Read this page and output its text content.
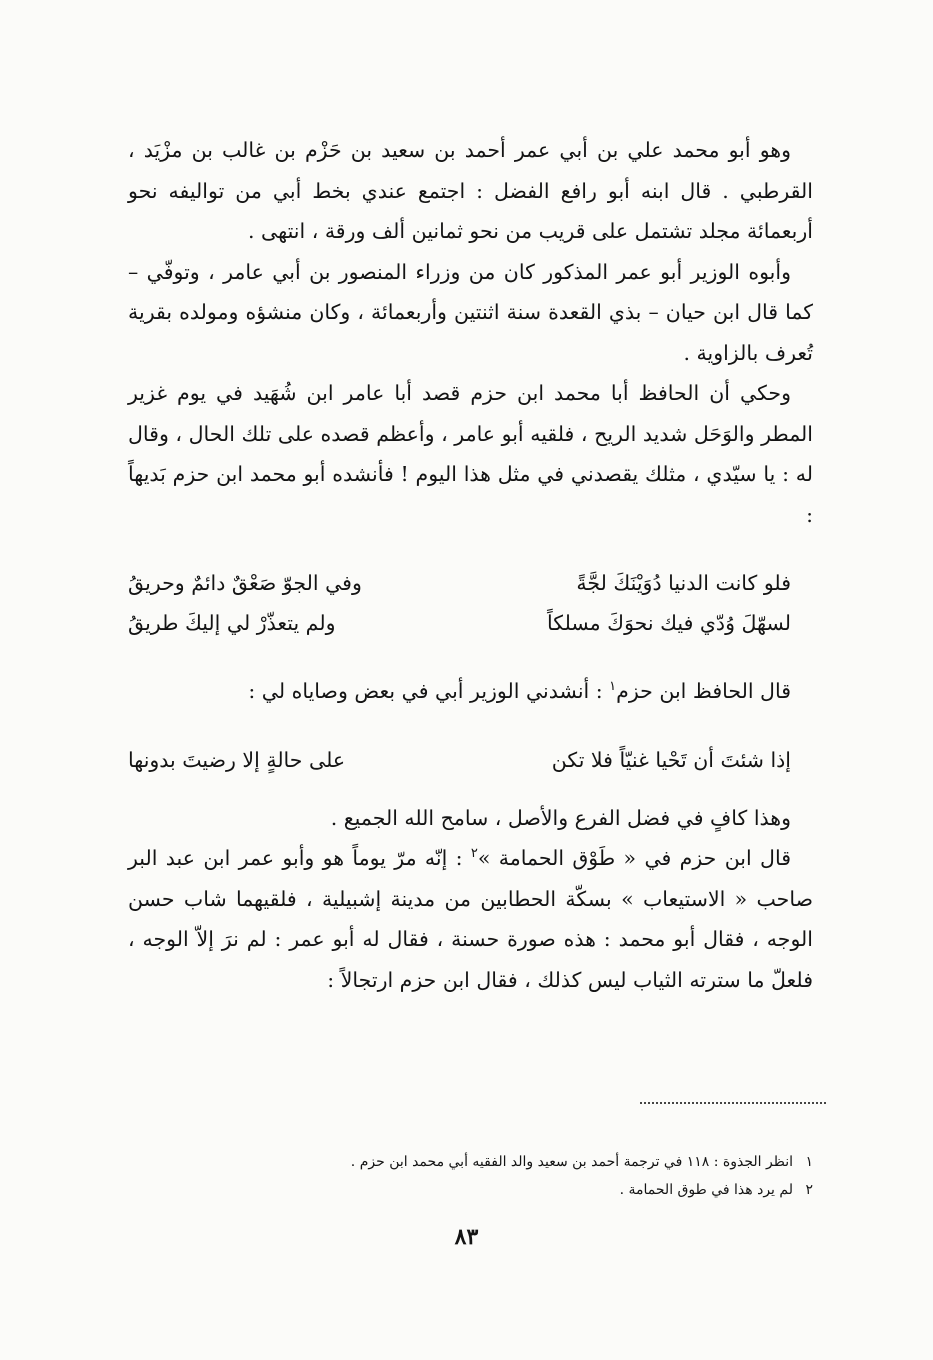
وهو أبو محمد علي بن أبي عمر أحمد بن سعيد بن حَزْم بن غالب بن مزْيَد ، القرطبي . قال ابنه أبو رافع الفضل : اجتمع عندي بخط أبي من تواليفه نحو أربعمائة مجلد تشتمل على قريب من نحو ثمانين ألف ورقة ، انتهى .

وأبوه الوزير أبو عمر المذكور كان من وزراء المنصور بن أبي عامر ، وتوفّي – كما قال ابن حيان – بذي القعدة سنة اثنتين وأربعمائة ، وكان منشؤه ومولده بقرية تُعرف بالزاوية .

وحكي أن الحافظ أبا محمد ابن حزم قصد أبا عامر ابن شُهَيد في يوم غزير المطر والوَحَل شديد الريح ، فلقيه أبو عامر ، وأعظم قصده على تلك الحال ، وقال له : يا سيّدي ، مثلك يقصدني في مثل هذا اليوم ! فأنشده أبو محمد ابن حزم بَديهاً :

فلو كانت الدنيا دُوَيْنَكَ لجَّةً
وفي الجوّ صَعْقٌ دائمٌ وحريقُ
لسهّلَ وُدّي فيك نحوَكَ مسلكاً
ولم يتعذّرْ لي إليكَ طريقُ

قال الحافظ ابن حزم$^١$ : أنشدني الوزير أبي في بعض وصاياه لي :

إذا شئتَ أن تَحْيا غنيّاً فلا تكن
على حالةٍ إلا رضيتَ بدونها

وهذا كافٍ في فضل الفرع والأصل ، سامح الله الجميع .

قال ابن حزم في « طَوْق الحمامة »$^٢$ : إنّه مرّ يوماً هو وأبو عمر ابن عبد البر صاحب « الاستيعاب » بسكّة الحطابين من مدينة إشبيلية ، فلقيهما شاب حسن الوجه ، فقال أبو محمد : هذه صورة حسنة ، فقال له أبو عمر : لم نرَ إلاّ الوجه ، فلعلّ ما سترته الثياب ليس كذلك ، فقال ابن حزم ارتجالاً :

١
انظر الجذوة : ١١٨ في ترجمة أحمد بن سعيد والد الفقيه أبي محمد ابن حزم .
٢
لم يرد هذا في طوق الحمامة .
٨٣
